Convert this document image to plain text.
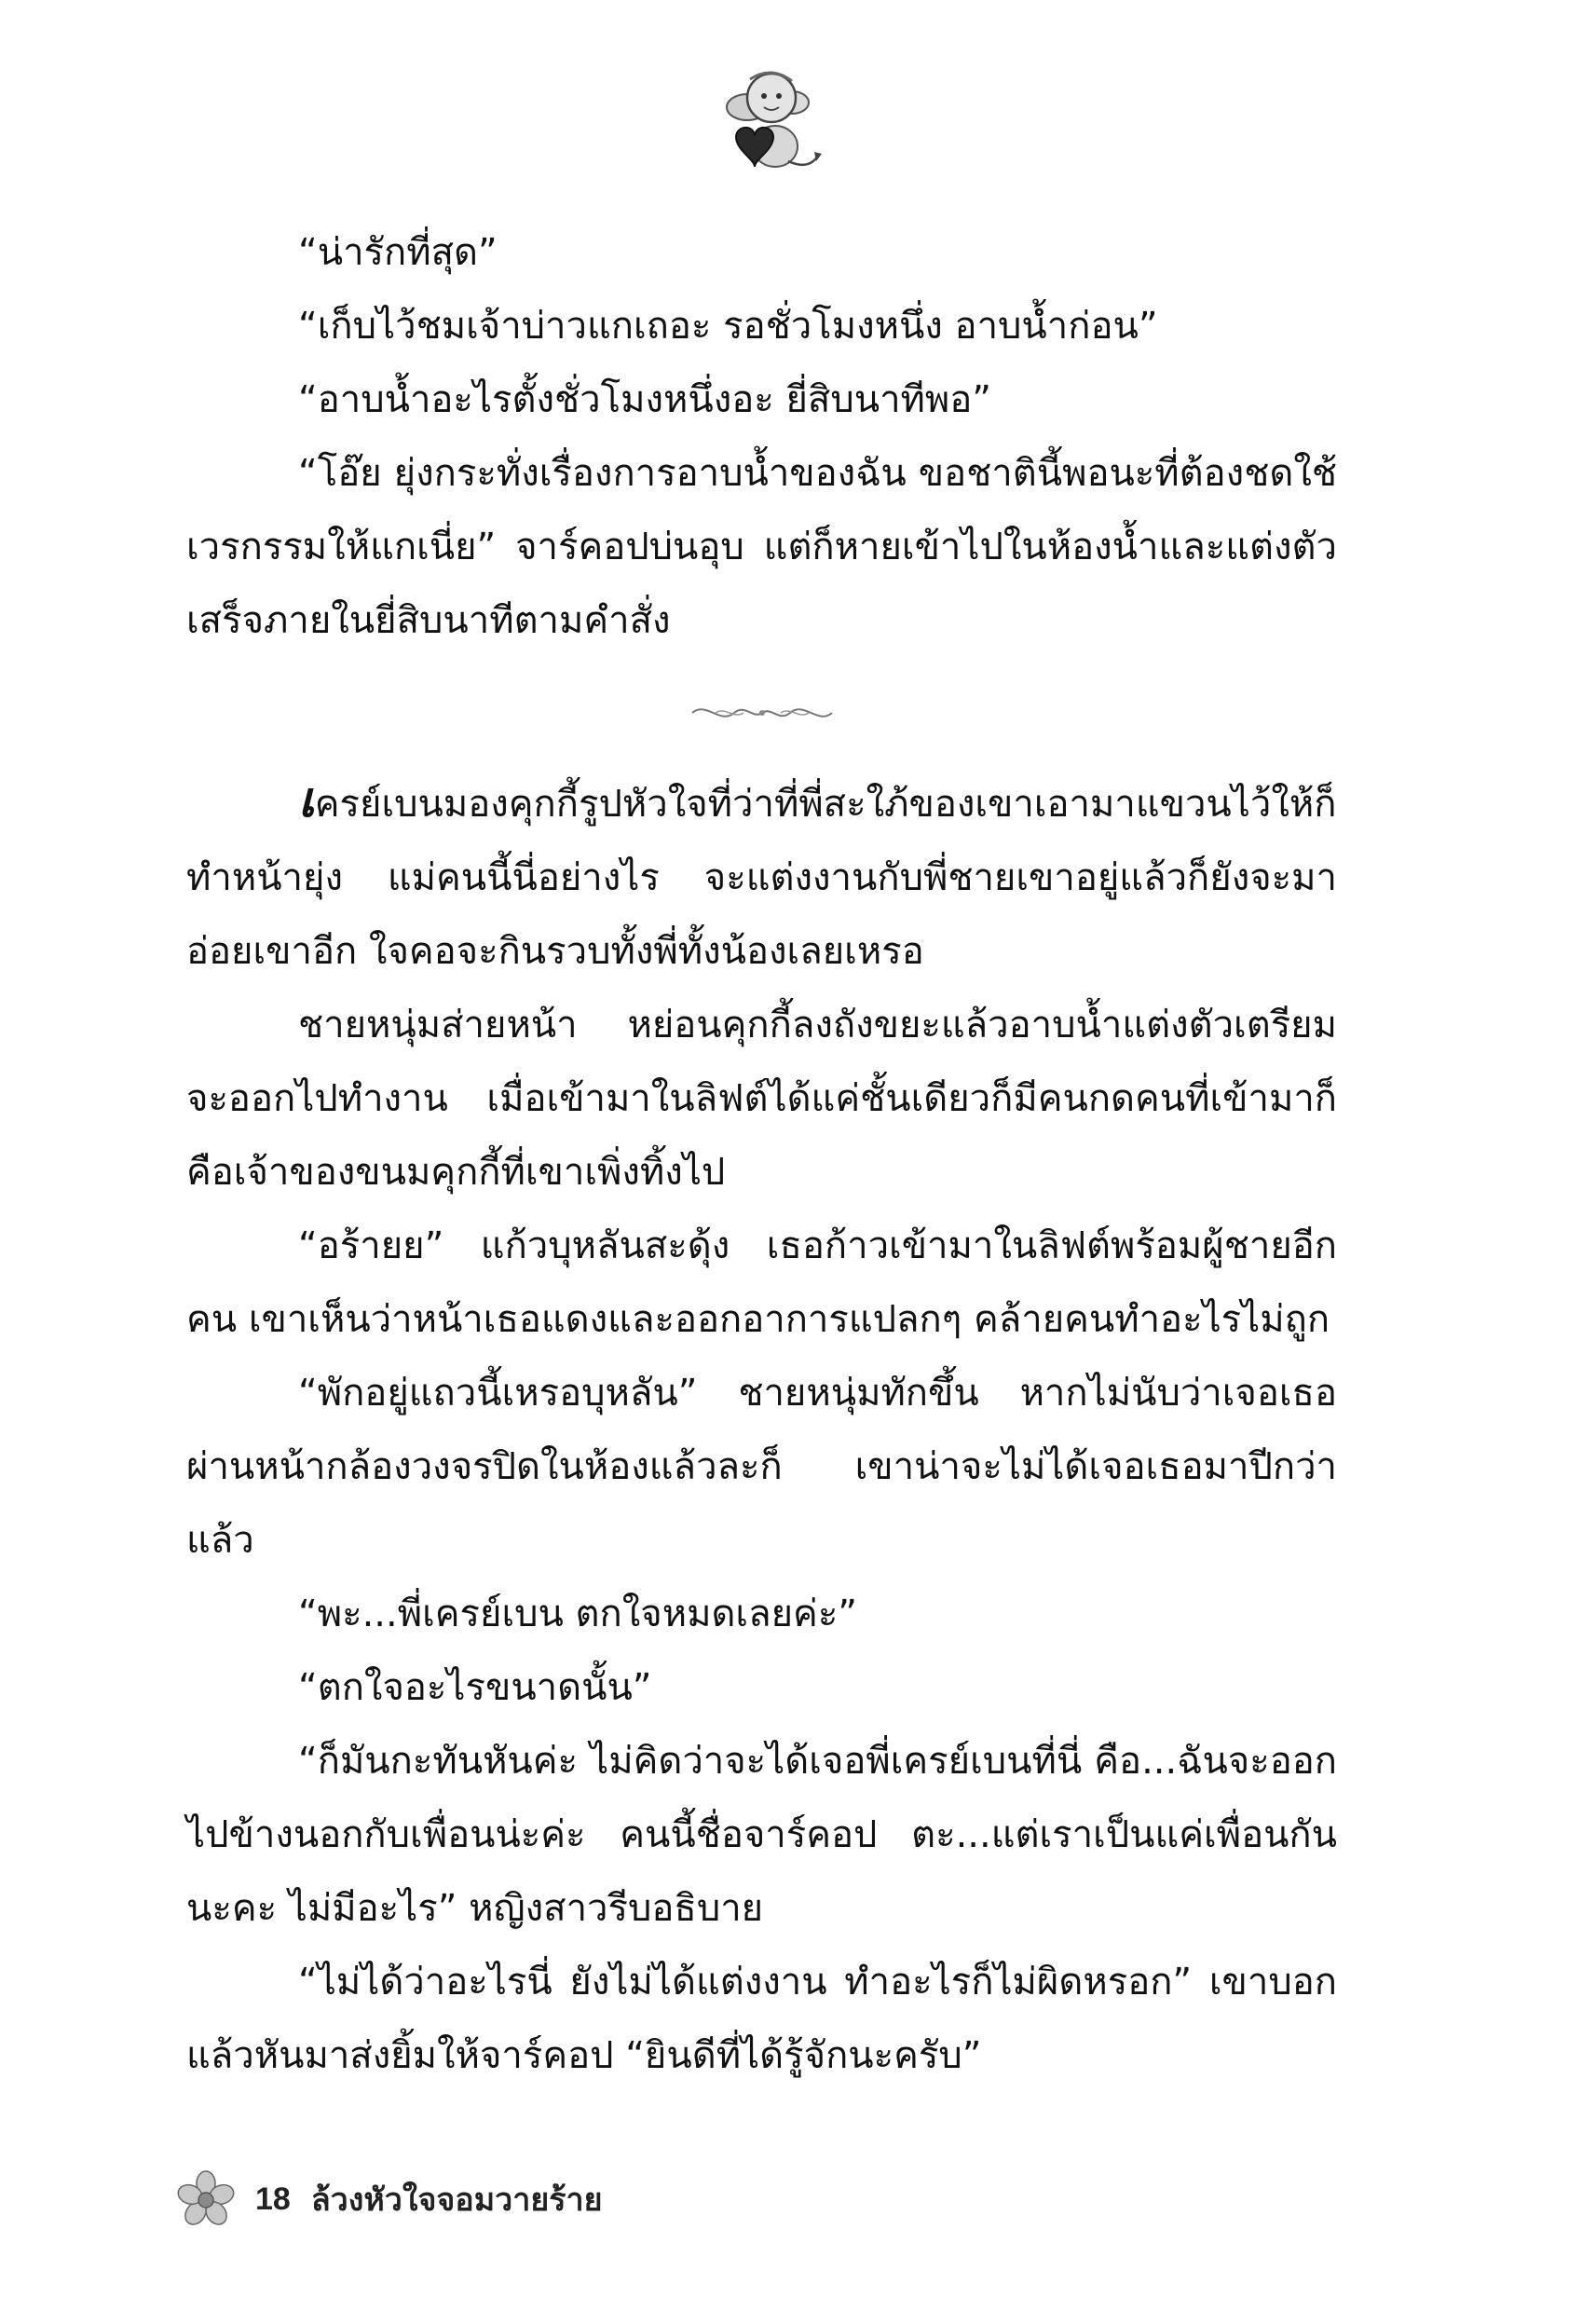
“น่ารักที่สุด”

“เก็บไว้ชมเจ้าบ่าวแกเถอะ รอชั่วโมงหนึ่ง อาบน้ำก่อน”

“อาบน้ำอะไรตั้งชั่วโมงหนึ่งอะ ยี่สิบนาทีพอ”

“โอ๊ย ยุ่งกระทั่งเรื่องการอาบน้ำของฉัน ขอชาตินี้พอนะที่ต้องชดใช้เวรกรรมให้แกเนี่ย” จาร์คอปบ่นอุบ แต่ก็หายเข้าไปในห้องน้ำและแต่งตัวเสร็จภายในยี่สิบนาทีตามคำสั่ง

เครย์เบนมองคุกกี้รูปหัวใจที่ว่าที่พี่สะใภ้ของเขาเอามาแขวนไว้ให้ก็ทำหน้ายุ่ง แม่คนนี้นี่อย่างไร จะแต่งงานกับพี่ชายเขาอยู่แล้วก็ยังจะมาอ่อยเขาอีก ใจคอจะกินรวบทั้งพี่ทั้งน้องเลยเหรอ

ชายหนุ่มส่ายหน้า หย่อนคุกกี้ลงถังขยะแล้วอาบน้ำแต่งตัวเตรียมจะออกไปทำงาน เมื่อเข้ามาในลิฟต์ได้แค่ชั้นเดียวก็มีคนกดคนที่เข้ามาก็คือเจ้าของขนมคุกกี้ที่เขาเพิ่งทิ้งไป

“อร้ายย” แก้วบุหลันสะดุ้ง เธอก้าวเข้ามาในลิฟต์พร้อมผู้ชายอีกคน เขาเห็นว่าหน้าเธอแดงและออกอาการแปลกๆ คล้ายคนทำอะไรไม่ถูก

“พักอยู่แถวนี้เหรอบุหลัน” ชายหนุ่มทักขึ้น หากไม่นับว่าเจอเธอผ่านหน้ากล้องวงจรปิดในห้องแล้วละก็ เขาน่าจะไม่ได้เจอเธอมาปีกว่าแล้ว

“พะ...พี่เครย์เบน ตกใจหมดเลยค่ะ”

“ตกใจอะไรขนาดนั้น”

“ก็มันกะทันหันค่ะ ไม่คิดว่าจะได้เจอพี่เครย์เบนที่นี่ คือ...ฉันจะออกไปข้างนอกกับเพื่อนน่ะค่ะ คนนี้ชื่อจาร์คอป ตะ...แต่เราเป็นแค่เพื่อนกันนะคะ ไม่มีอะไร” หญิงสาวรีบอธิบาย

“ไม่ได้ว่าอะไรนี่ ยังไม่ได้แต่งงาน ทำอะไรก็ไม่ผิดหรอก” เขาบอกแล้วหันมาส่งยิ้มให้จาร์คอป “ยินดีที่ได้รู้จักนะครับ”

18 ล้วงหัวใจจอมวายร้าย
